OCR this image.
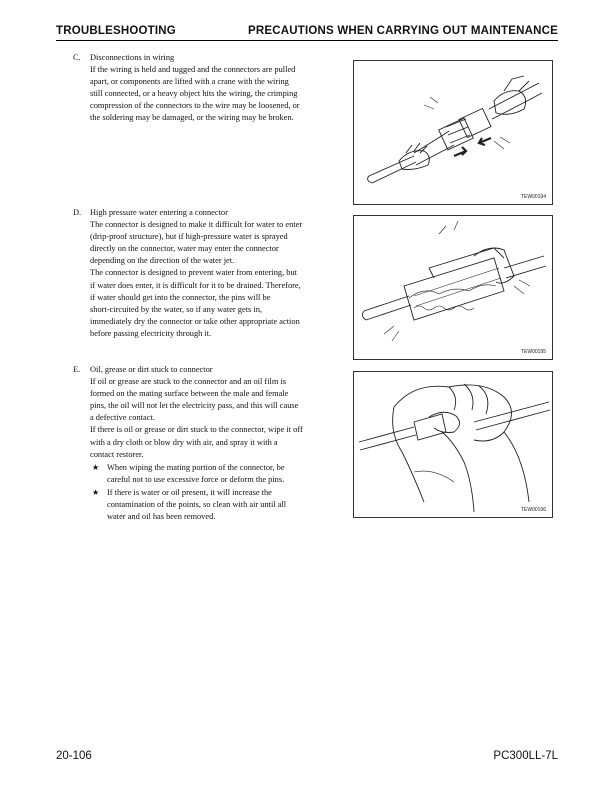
TROUBLESHOOTING	PRECAUTIONS WHEN CARRYING OUT MAINTENANCE
C. Disconnections in wiring

If the wiring is held and tugged and the connectors are pulled

apart, or components are lifted with a crane with the wiring

still connected, or a heavy object hits the wiring, the crimping

compression of the connectors to the wire may be loosened, or

the soldering may be damaged, or the wiring may be broken.

TEW00194
D. High pressure water entering a connector

The connector is designed to make it difficult for water to enter

(drip-proof structure), but if high-pressure water is sprayed

directly on the connector, water may enter the connector

depending on the direction of the water jet.

The connector is designed to prevent water from entering, but

if water does enter, it is difficult for it to be drained. Therefore,

if water should get into the connector, the pins will be

short-circuited by the water, so if any water gets in,

immediately dry the connector or take other appropriate action

before passing electricity through it.

TEW00195
E. Oil, grease or dirt stuck to connector

If oil or grease are stuck to the connector and an oil film is

formed on the mating surface between the male and female

pins, the oil will not let the electricity pass, and this will cause

a defective contact.

If there is oil or grease or dirt stuck to the connector, wipe it off

with a dry cloth or blow dry with air, and spray it with a

contact restorer.

★ When wiping the mating portion of the connector, be

careful not to use excessive force or deform the pins.

★ If there is water or oil present, it will increase the

contamination of the points, so clean with air until all

water and oil has been removed.

TEW00196
20-106	PC300LL-7L
